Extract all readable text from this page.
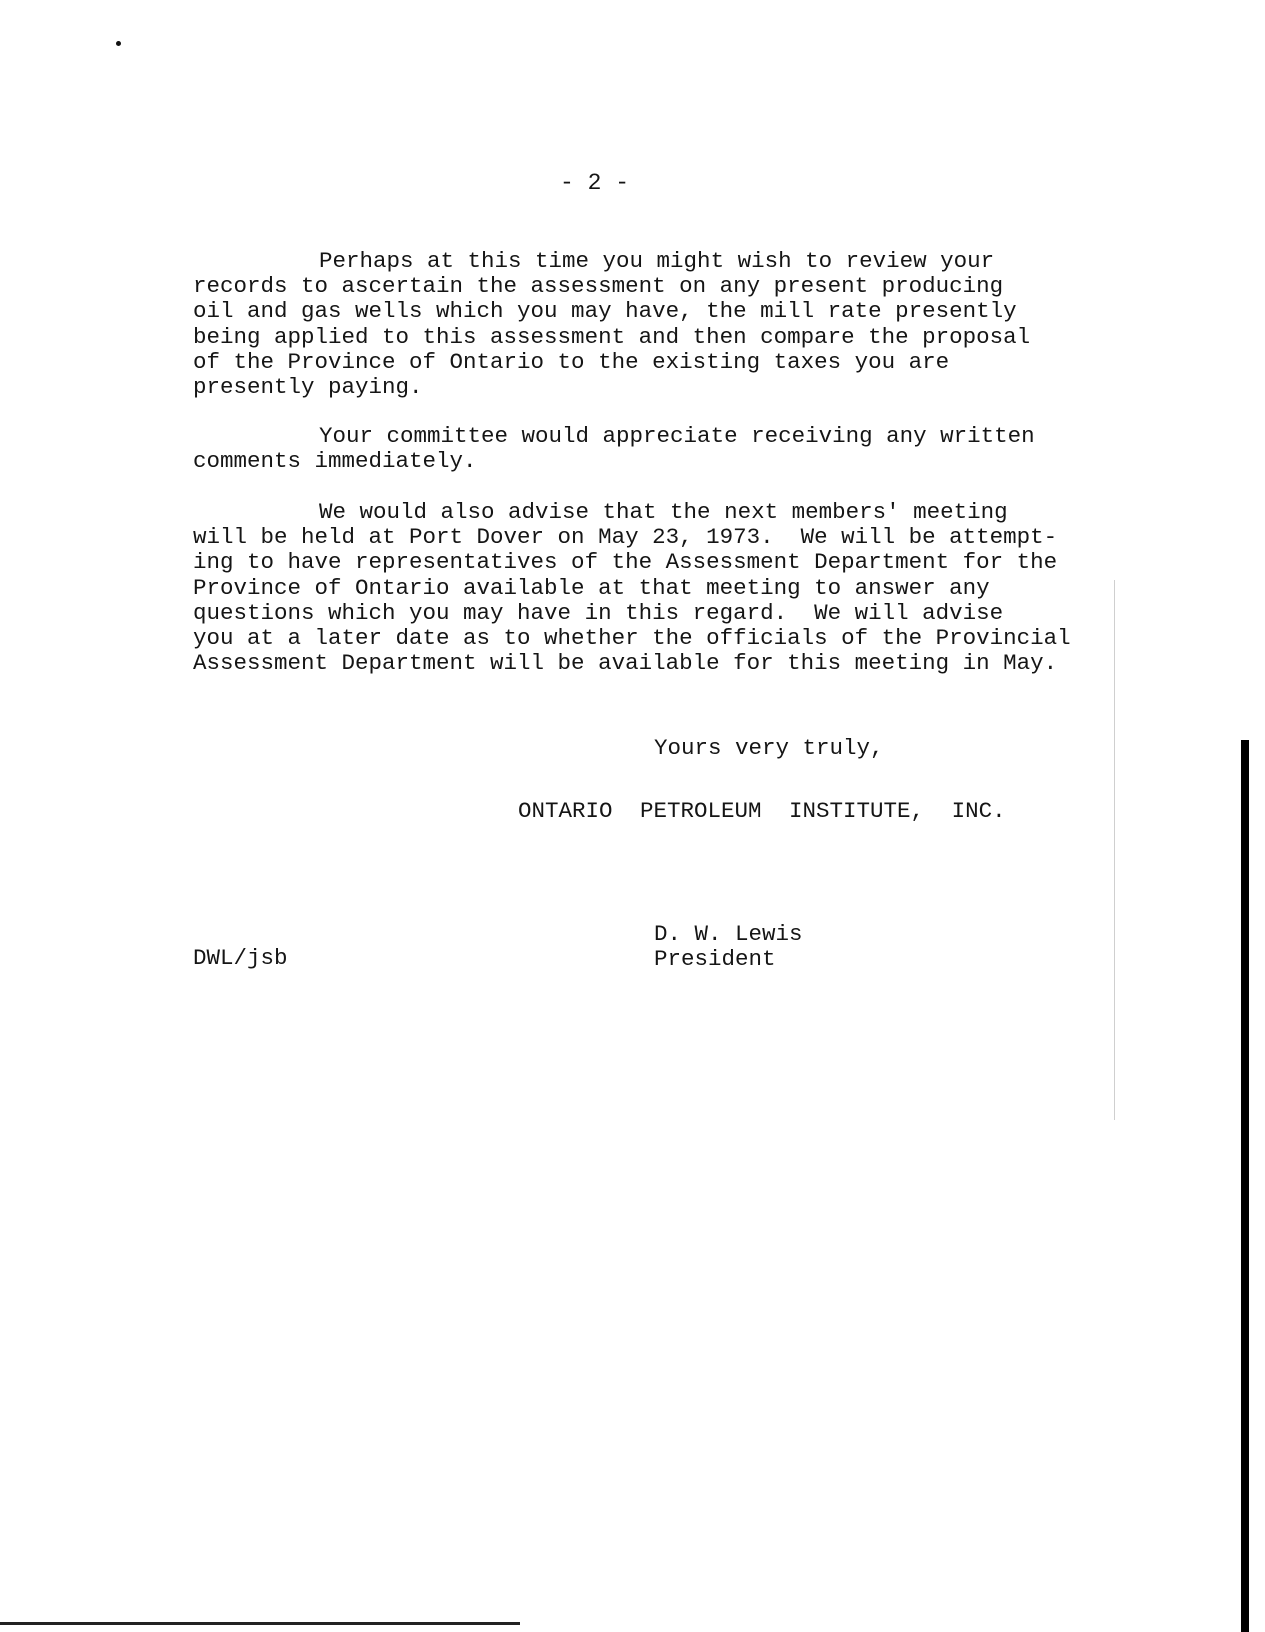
- 2 -

Perhaps at this time you might wish to review your
records to ascertain the assessment on any present producing
oil and gas wells which you may have, the mill rate presently
being applied to this assessment and then compare the proposal
of the Province of Ontario to the existing taxes you are
presently paying.

Your committee would appreciate receiving any written
comments immediately.

We would also advise that the next members' meeting
will be held at Port Dover on May 23, 1973.  We will be attempt-
ing to have representatives of the Assessment Department for the
Province of Ontario available at that meeting to answer any
questions which you may have in this regard.  We will advise
you at a later date as to whether the officials of the Provincial
Assessment Department will be available for this meeting in May.

Yours very truly,
ONTARIO PETROLEUM INSTITUTE, INC.
D. W. Lewis
President
DWL/jsb
